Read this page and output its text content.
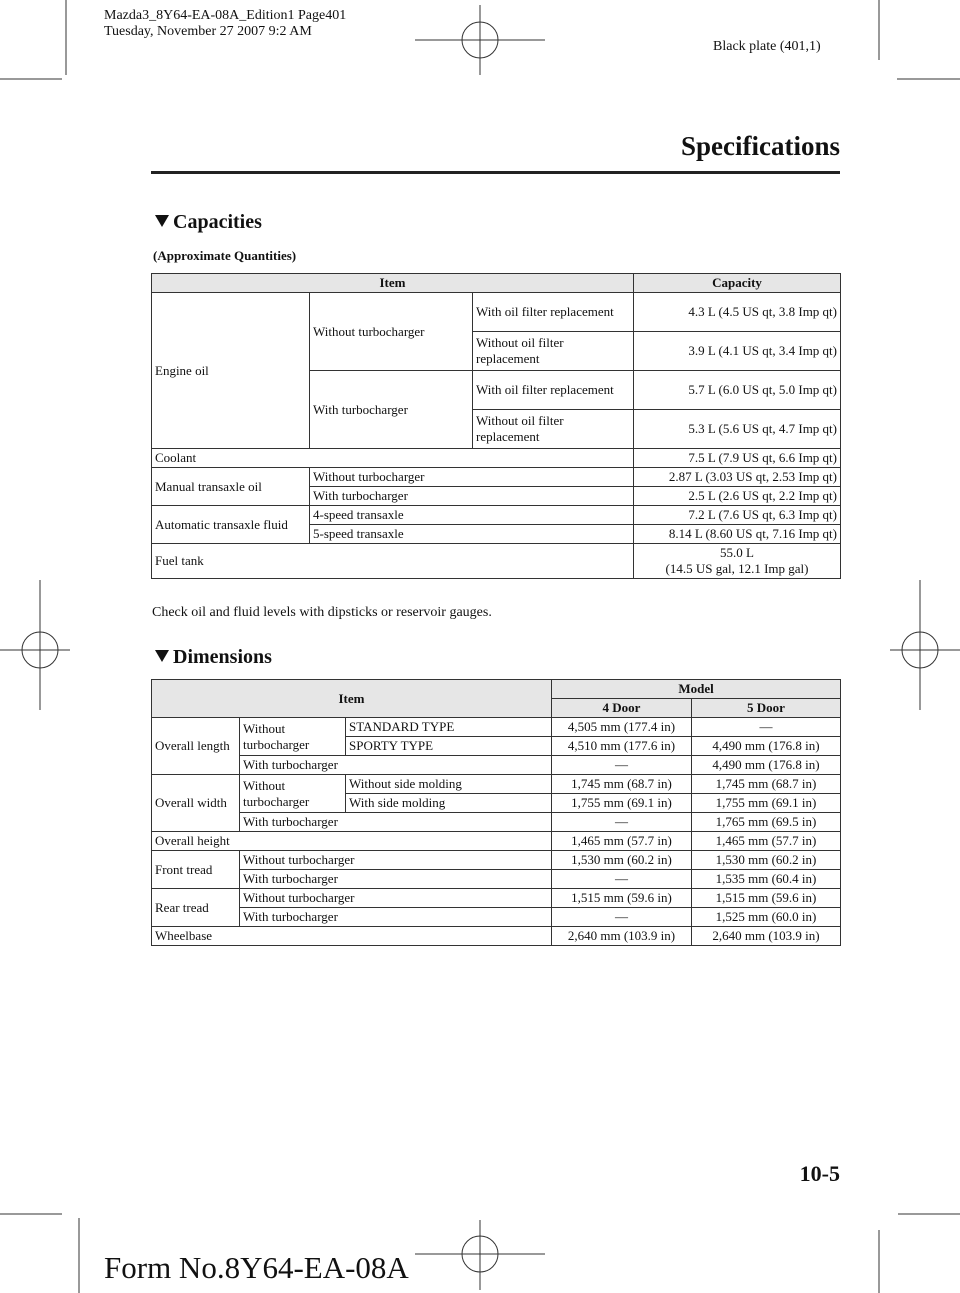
Mazda3_8Y64-EA-08A_Edition1 Page401
Tuesday, November 27 2007 9:2 AM
Black plate (401,1)
Specifications
Capacities
(Approximate Quantities)
Item			Capacity
Engine oil	Without turbocharger	With oil filter replacement	4.3 L (4.5 US qt, 3.8 Imp qt)
		Without oil filter replacement	3.9 L (4.1 US qt, 3.4 Imp qt)
	With turbocharger	With oil filter replacement	5.7 L (6.0 US qt, 5.0 Imp qt)
		Without oil filter replacement	5.3 L (5.6 US qt, 4.7 Imp qt)
Coolant			7.5 L (7.9 US qt, 6.6 Imp qt)
Manual transaxle oil	Without turbocharger		2.87 L (3.03 US qt, 2.53 Imp qt)
	With turbocharger		2.5 L (2.6 US qt, 2.2 Imp qt)
Automatic transaxle fluid	4-speed transaxle		7.2 L (7.6 US qt, 6.3 Imp qt)
	5-speed transaxle		8.14 L (8.60 US qt, 7.16 Imp qt)
Fuel tank			55.0 L
(14.5 US gal, 12.1 Imp gal)
Check oil and fluid levels with dipsticks or reservoir gauges.
Dimensions
Item			Model	
			4 Door	5 Door
Overall length	Without turbocharger	STANDARD TYPE	4,505 mm (177.4 in)	―
		SPORTY TYPE	4,510 mm (177.6 in)	4,490 mm (176.8 in)
	With turbocharger		―	4,490 mm (176.8 in)
Overall width	Without turbocharger	Without side molding	1,745 mm (68.7 in)	1,745 mm (68.7 in)
		With side molding	1,755 mm (69.1 in)	1,755 mm (69.1 in)
	With turbocharger		―	1,765 mm (69.5 in)
Overall height			1,465 mm (57.7 in)	1,465 mm (57.7 in)
Front tread	Without turbocharger		1,530 mm (60.2 in)	1,530 mm (60.2 in)
	With turbocharger		―	1,535 mm (60.4 in)
Rear tread	Without turbocharger		1,515 mm (59.6 in)	1,515 mm (59.6 in)
	With turbocharger		―	1,525 mm (60.0 in)
Wheelbase			2,640 mm (103.9 in)	2,640 mm (103.9 in)
10-5
Form No.8Y64-EA-08A
